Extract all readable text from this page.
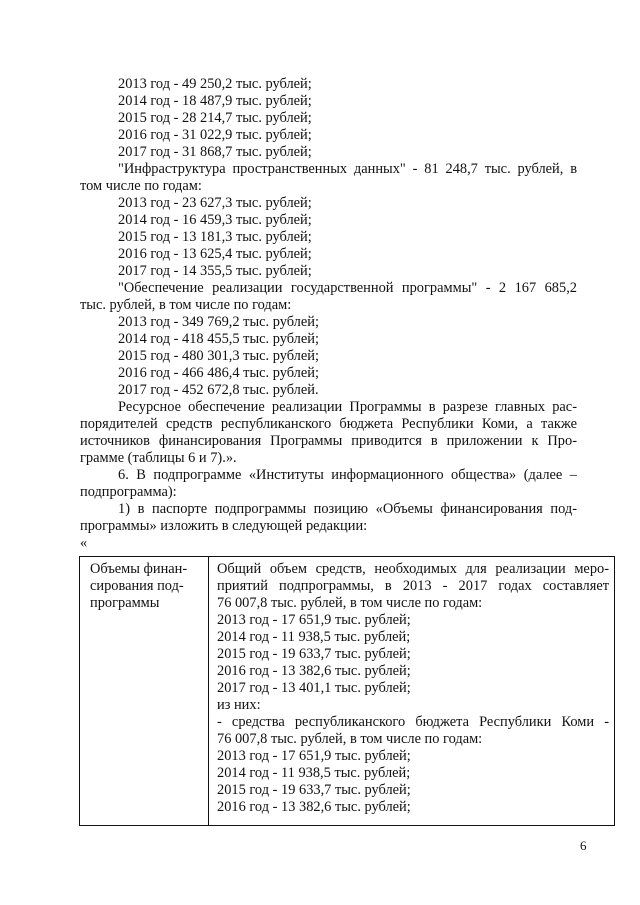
2013 год - 49 250,2 тыс. рублей;
2014 год - 18 487,9 тыс. рублей;
2015 год - 28 214,7 тыс. рублей;
2016 год - 31 022,9 тыс. рублей;
2017 год - 31 868,7 тыс. рублей;
"Инфраструктура пространственных данных" - 81 248,7 тыс. рублей, в
том числе по годам:
2013 год - 23 627,3 тыс. рублей;
2014 год - 16 459,3 тыс. рублей;
2015 год - 13 181,3 тыс. рублей;
2016 год - 13 625,4 тыс. рублей;
2017 год - 14 355,5 тыс. рублей;
"Обеспечение реализации государственной программы" - 2 167 685,2
тыс. рублей, в том числе по годам:
2013 год - 349 769,2 тыс. рублей;
2014 год - 418 455,5 тыс. рублей;
2015 год - 480 301,3 тыс. рублей;
2016 год - 466 486,4 тыс. рублей;
2017 год - 452 672,8 тыс. рублей.
Ресурсное обеспечение реализации Программы в разрезе главных рас-
порядителей средств республиканского бюджета Республики Коми, а также
источников финансирования Программы приводится в приложении к Про-
грамме (таблицы 6 и 7).».
6. В подпрограмме «Институты информационного общества» (далее –
подпрограмма):
1) в паспорте подпрограммы позицию «Объемы финансирования под-
программы» изложить в следующей редакции:
«
Объемы финан-
сирования под-
программы
Общий объем средств, необходимых для реализации меро-
приятий подпрограммы, в 2013 - 2017 годах составляет
76 007,8 тыс. рублей, в том числе по годам:
2013 год - 17 651,9 тыс. рублей;
2014 год - 11 938,5 тыс. рублей;
2015 год - 19 633,7 тыс. рублей;
2016 год - 13 382,6 тыс. рублей;
2017 год - 13 401,1 тыс. рублей;
из них:
- средства республиканского бюджета Республики Коми -
76 007,8 тыс. рублей, в том числе по годам:
2013 год - 17 651,9 тыс. рублей;
2014 год - 11 938,5 тыс. рублей;
2015 год - 19 633,7 тыс. рублей;
2016 год - 13 382,6 тыс. рублей;
6
